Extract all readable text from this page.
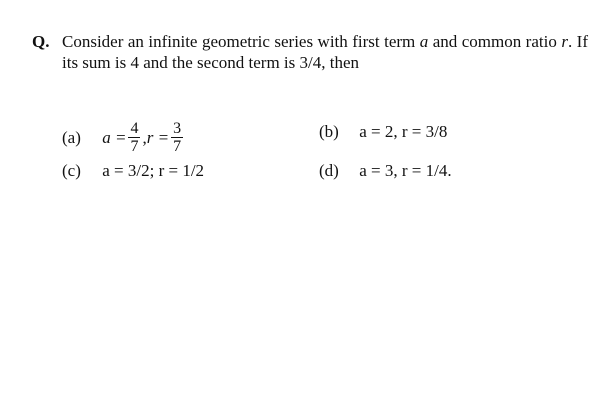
Q. Consider an infinite geometric series with first term a and common ratio r. If its sum is 4 and the second term is 3/4, then
(a) $a = \frac{4}{7} ,r = \frac{3}{7}$	(b) a = 2, r = 3/8
(c) a = 3/2; r = 1/2	(d) a = 3, r = 1/4.
